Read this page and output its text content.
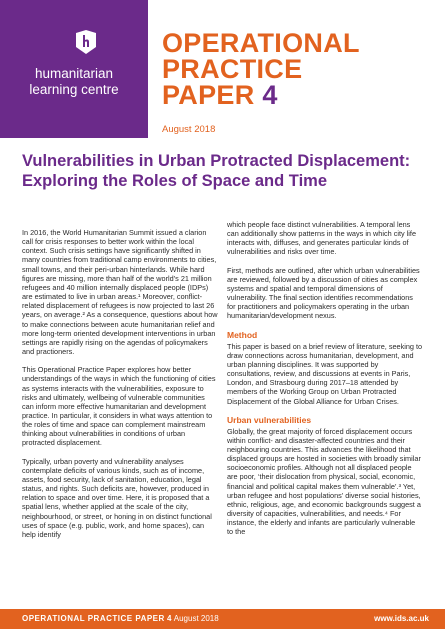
humanitarian
learning centre
OPERATIONAL
PRACTICE
PAPER 4
August 2018
Vulnerabilities in Urban Protracted Displacement: Exploring the Roles of Space and Time

In 2016, the World Humanitarian Summit issued a clarion call for crisis responses to better work within the local context. Such crisis settings have significantly shifted in many countries from traditional camp environments to cities, small towns, and their peri-urban hinterlands. While hard figures are missing, more than half of the world’s 21 million refugees and 40 million internally displaced people (IDPs) are estimated to live in urban areas.¹ Moreover, conflict-related displacement of refugees is now projected to last 26 years, on average.² As a consequence, questions about how to make connections between acute humanitarian relief and more long-term oriented development interventions in urban settings are rapidly rising on the agendas of policymakers and practioners.

This Operational Practice Paper explores how better understandings of the ways in which the functioning of cities as systems interacts with the vulnerabilities, exposure to risks and ultimately, wellbeing of vulnerable communities can inform more effective humanitarian and development practice. In particular, it considers in what ways attention to the roles of time and space can complement mainstream thinking about vulnerabilities in conditions of urban protracted displacement.

Typically, urban poverty and vulnerability analyses contemplate deficits of various kinds, such as of income, assets, food security, lack of sanitation, education, legal status, and rights. Such deficits are, however, produced in relation to space and over time. Here, it is proposed that a spatial lens, whether applied at the scale of the city, neighbourhood, or street, or honing in on distinct functional uses of space (e.g. public, work, and home spaces), can help identify

which people face distinct vulnerabilities. A temporal lens can additionally show patterns in the ways in which city life interacts with, diffuses, and generates particular kinds of vulnerabilities and risks over time.

First, methods are outlined, after which urban vulnerabilities are reviewed, followed by a discussion of cities as complex systems and spatial and temporal dimensions of vulnerability. The final section identifies recommendations for practitioners and policymakers operating in the urban humanitarian/development nexus.

Method

This paper is based on a brief review of literature, seeking to draw connections across humanitarian, development, and urban planning disciplines. It was supported by consultations, review, and discussions at events in Paris, London, and Strasbourg during 2017–18 attended by members of the Working Group on Urban Protracted Displacement of the Global Alliance for Urban Crises.

Urban vulnerabilities

Globally, the great majority of forced displacement occurs within conflict- and disaster-affected countries and their neighbouring countries. This advances the likelihood that displaced groups are hosted in societies with broadly similar socioeconomic profiles. Although not all displaced people are poor, ‘their dislocation from physical, social, economic, financial and political capital makes them vulnerable’.³ Yet, urban refugee and host populations’ diverse social histories, ethnic, religious, age, and economic backgrounds suggest a diversity of capacities, vulnerabilities, and needs.⁴ For instance, the elderly and infants are particularly vulnerable to the

OPERATIONAL PRACTICE PAPER 4 August 2018	www.ids.ac.uk
